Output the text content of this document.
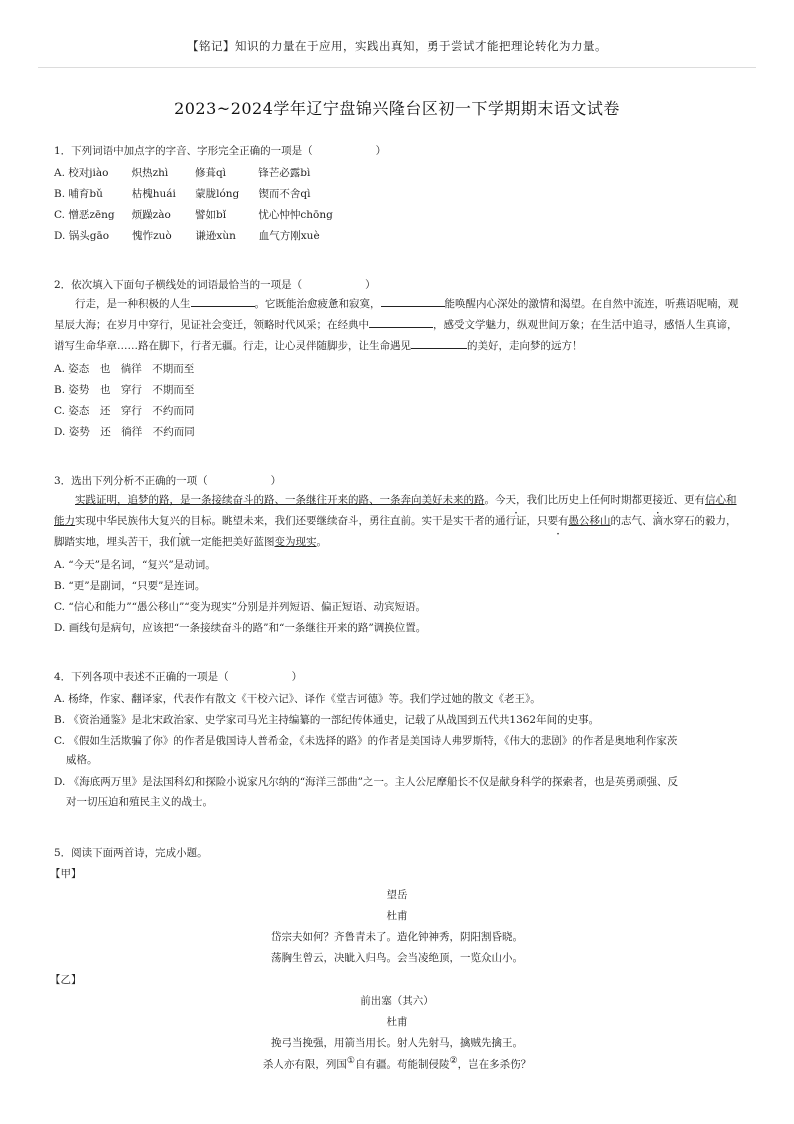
【铭记】知识的力量在于应用，实践出真知，勇于尝试才能把理论转化为力量。
2023~2024学年辽宁盘锦兴隆台区初一下学期期末语文试卷
1．下列词语中加点字的字音、字形完全正确的一项是（　　　　　　）
A. 校对jiào 炽热zhì	修葺qì	锋芒必露bì
B. 哺育bǔ	枯槐huái 蒙胧lóng 锲而不舍qì
C. 憎恶zēng 烦躁zào 譬如bǐ	忧心忡忡chōng
D. 锅头gāo 愧怍zuò 谦逊xùn 血气方刚xuè
2．依次填入下面句子横线处的词语最恰当的一项是（　　　　　　）
行走，是一种积极的人生	。它既能治愈疲惫和寂寞，	能唤醒内心深处的激情和渴望。在自然中流连，听燕语呢喃，观星辰大海；在岁月中穿行，见证社会变迁，领略时代风采；在经典中	，感受文学魅力，纵观世间万象；在生活中追寻，感悟人生真谛，谱写生命华章……路在脚下，行者无疆。行走，让心灵伴随脚步，让生命遇见	的美好，走向梦的远方！
A. 姿态　也　徜徉　不期而至
B. 姿势　也　穿行　不期而至
C. 姿态　还　穿行　不约而同
D. 姿势　还　徜徉　不约而同
3．选出下列分析不正确的一项（　　　　　　）
实践证明，追梦的路，是一条接续奋斗的路、一条继往开来的路、一条奔向美好未来的路。今天，我们比历史上任何时期都更接近、更有信心和能力实现中华民族伟大复兴的目标。眺望未来，我们还要继续奋斗，勇往直前。实干是实干者的通行证，只要有愚公移山的志气、滴水穿石的毅力，脚踏实地，埋头苦干，我们就一定能把美好蓝图变为现实。
A. “今天”是名词，“复兴”是动词。
B. “更”是副词，“只要”是连词。
C. “信心和能力”“愚公移山”“变为现实”分别是并列短语、偏正短语、动宾短语。
D. 画线句是病句，应该把“一条接续奋斗的路”和“一条继往开来的路”调换位置。
4．下列各项中表述不正确的一项是（　　　　　　）
A. 杨绛，作家、翻译家，代表作有散文《干校六记》、译作《堂吉诃德》等。我们学过她的散文《老王》。
B. 《资治通鉴》是北宋政治家、史学家司马光主持编纂的一部纪传体通史，记载了从战国到五代共1362年间的史事。
C. 《假如生活欺骗了你》的作者是俄国诗人普希金，《未选择的路》的作者是美国诗人弗罗斯特，《伟大的悲剧》的作者是奥地利作家茨
威格。
D. 《海底两万里》是法国科幻和探险小说家凡尔纳的“海洋三部曲”之一。主人公尼摩船长不仅是献身科学的探索者，也是英勇顽强、反
对一切压迫和殖民主义的战士。
5．阅读下面两首诗，完成小题。
【甲】
望岳
杜甫
岱宗夫如何？齐鲁青未了。造化钟神秀，阴阳割昏晓。
荡胸生曾云，决眦入归鸟。会当凌绝顶，一览众山小。
【乙】
前出塞（其六）
杜甫
挽弓当挽强，用箭当用长。射人先射马，擒贼先擒王。
杀人亦有限，列国①自有疆。苟能制侵陵②，岂在多杀伤？
